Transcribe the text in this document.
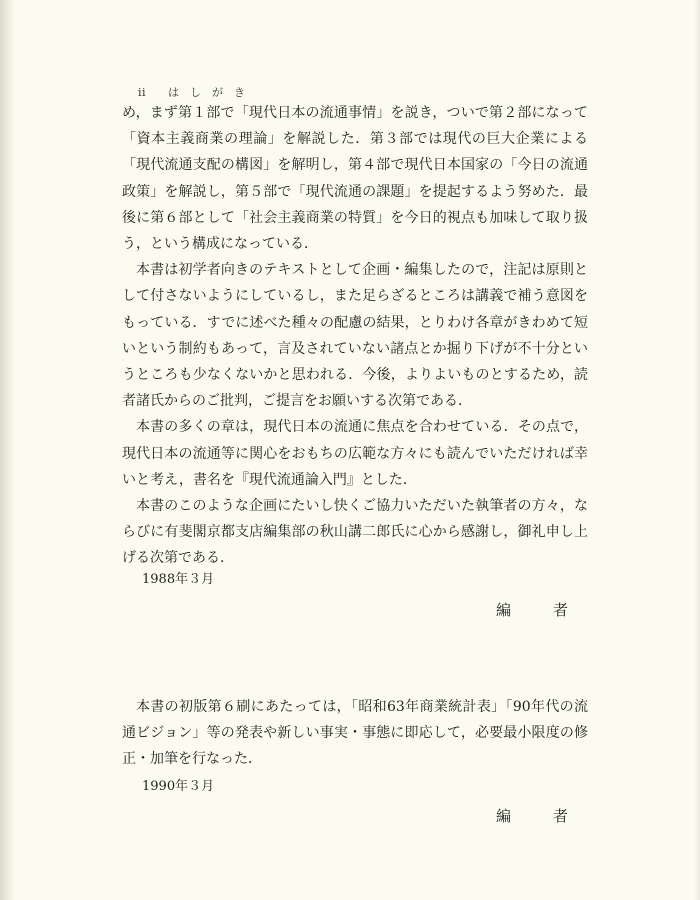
ii はしがき

め，まず第１部で「現代日本の流通事情」を説き，ついで第２部になって「資本主義商業の理論」を解説した．第３部では現代の巨大企業による「現代流通支配の構図」を解明し，第４部で現代日本国家の「今日の流通政策」を解説し，第５部で「現代流通の課題」を提起するよう努めた．最後に第６部として「社会主義商業の特質」を今日的視点も加味して取り扱う，という構成になっている．

本書は初学者向きのテキストとして企画・編集したので，注記は原則として付さないようにしているし，また足らざるところは講義で補う意図をもっている．すでに述べた種々の配慮の結果，とりわけ各章がきわめて短いという制約もあって，言及されていない諸点とか掘り下げが不十分というところも少なくないかと思われる．今後，よりよいものとするため，読者諸氏からのご批判，ご提言をお願いする次第である．

本書の多くの章は，現代日本の流通に焦点を合わせている．その点で，現代日本の流通等に関心をおもちの広範な方々にも読んでいただければ幸いと考え，書名を『現代流通論入門』とした．

本書のこのような企画にたいし快くご協力いただいた執筆者の方々，ならびに有斐閣京都支店編集部の秋山講二郎氏に心から感謝し，御礼申し上げる次第である．

1988年３月
編者

本書の初版第６刷にあたっては，「昭和63年商業統計表」「90年代の流通ビジョン」等の発表や新しい事実・事態に即応して，必要最小限度の修正・加筆を行なった．

1990年３月
編者
